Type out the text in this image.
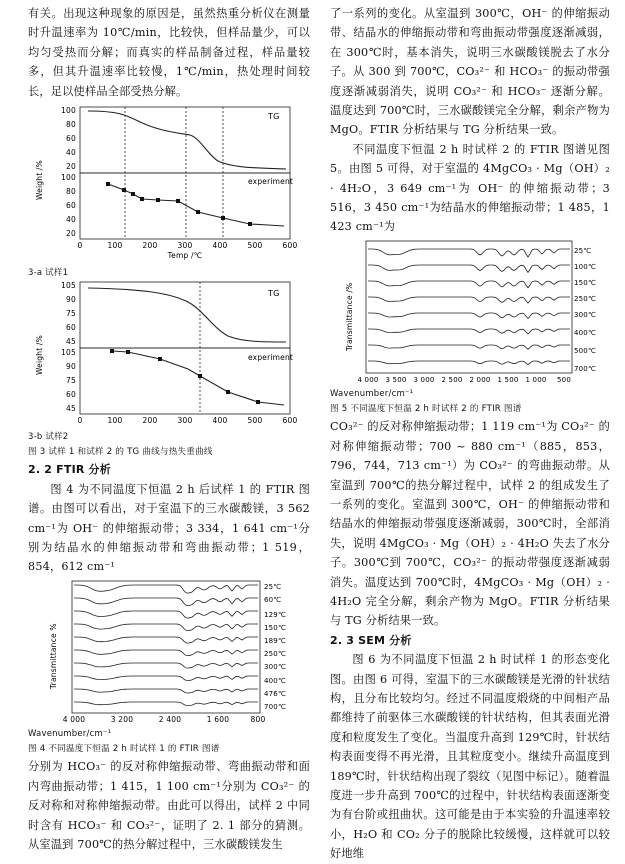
有关。出现这种现象的原因是，虽然热重分析仪在测量时升温速率为 10℃/min，比较快，但样品量少，可以均匀受热而分解；而真实的样品制备过程，样品量较多，但其升温速率比较慢，1℃/min，热处理时间较长，足以使样品全部受热分解。

TG
experiment
Weight /%
100
80
60
40
20
100
80
60
40
20
0	100	200	300	400	500	600
Temp /℃

3-a 试样1

TG
experiment
Weight /%
105
90
75
60
45
105
90
75
60
45
0	100	200	300	400	500	600

3-b 试样2

图 3 试样 1 和试样 2 的 TG 曲线与热失重曲线

2. 2 FTIR 分析

图 4 为不同温度下恒温 2 h 后试样 1 的 FTIR 图谱。由图可以看出，对于室温下的三水碳酸镁，3 562 cm⁻¹为 OH⁻ 的伸缩振动带；3 334，1 641 cm⁻¹分别为结晶水的伸缩振动带和弯曲振动带；1 519，854，612 cm⁻¹

25℃
60℃
129℃
150℃
189℃
250℃
300℃
400℃
476℃
700℃
Transmittance %
4 000	3 200	2 400	1 600	800

Wavenumber/cm⁻¹

图 4 不同温度下恒温 2 h 时试样 1 的 FTIR 图谱

分别为 HCO₃⁻ 的反对称伸缩振动带、弯曲振动带和面内弯曲振动带；1 415，1 100 cm⁻¹分别为 CO₃²⁻ 的反对称和对称伸缩振动带。由此可以得出，试样 2 中同时含有 HCO₃⁻ 和 CO₃²⁻，证明了 2. 1 部分的猜测。从室温到 700℃的热分解过程中，三水碳酸镁发生

了一系列的变化。从室温到 300℃，OH⁻ 的伸缩振动带、结晶水的伸缩振动带和弯曲振动带强度逐渐减弱，在 300℃时，基本消失，说明三水碳酸镁脱去了水分子。从 300 到 700℃，CO₃²⁻ 和 HCO₃⁻ 的振动带强度逐渐减弱消失，说明 CO₃²⁻ 和 HCO₃⁻ 逐渐分解。温度达到 700℃时，三水碳酸镁完全分解，剩余产物为 MgO。FTIR 分析结果与 TG 分析结果一致。

不同温度下恒温 2 h 时试样 2 的 FTIR 图谱见图 5。由图 5 可得，对于室温的 4MgCO₃ · Mg（OH）₂ · 4H₂O，3 649 cm⁻¹为 OH⁻ 的伸缩振动带；3 516，3 450 cm⁻¹为结晶水的伸缩振动带；1 485，1 423 cm⁻¹为

25℃
100℃
150℃
250℃
300℃
400℃
500℃
700℃
Transmittance /%
4 000 3 500 3 000 2 500 2 000 1 500 1 000 500

Wavenumber/cm⁻¹

图 5 不同温度下恒温 2 h 时试样 2 的 FTIR 图谱

CO₃²⁻ 的反对称伸缩振动带；1 119 cm⁻¹为 CO₃²⁻ 的对称伸缩振动带；700 ~ 880 cm⁻¹（885，853，796，744，713 cm⁻¹）为 CO₃²⁻ 的弯曲振动带。从室温到 700℃的热分解过程中，试样 2 的组成发生了一系列的变化。室温到 300℃，OH⁻ 的伸缩振动带和结晶水的伸缩振动带强度逐渐减弱，300℃时，全部消失，说明 4MgCO₃ · Mg（OH）₂ · 4H₂O 失去了水分子。300℃到 700℃，CO₃²⁻ 的振动带强度逐渐减弱消失。温度达到 700℃时，4MgCO₃ · Mg（OH）₂ · 4H₂O 完全分解，剩余产物为 MgO。FTIR 分析结果与 TG 分析结果一致。

2. 3 SEM 分析

图 6 为不同温度下恒温 2 h 时试样 1 的形态变化图。由图 6 可得，室温下的三水碳酸镁是光滑的针状结构，且分布比较均匀。经过不同温度煅烧的中间相产品都维持了前驱体三水碳酸镁的针状结构，但其表面光滑度和粒度发生了变化。当温度升高到 129℃时，针状结构表面变得不再光滑，且其粒度变小。继续升高温度到 189℃时，针状结构出现了裂纹（见图中标记）。随着温度进一步升高到 700℃的过程中，针状结构表面逐渐变为有台阶或扭曲状。这可能是由于本实验的升温速率较小，H₂O 和 CO₂ 分子的脱除比较缓慢，这样就可以较好地维
